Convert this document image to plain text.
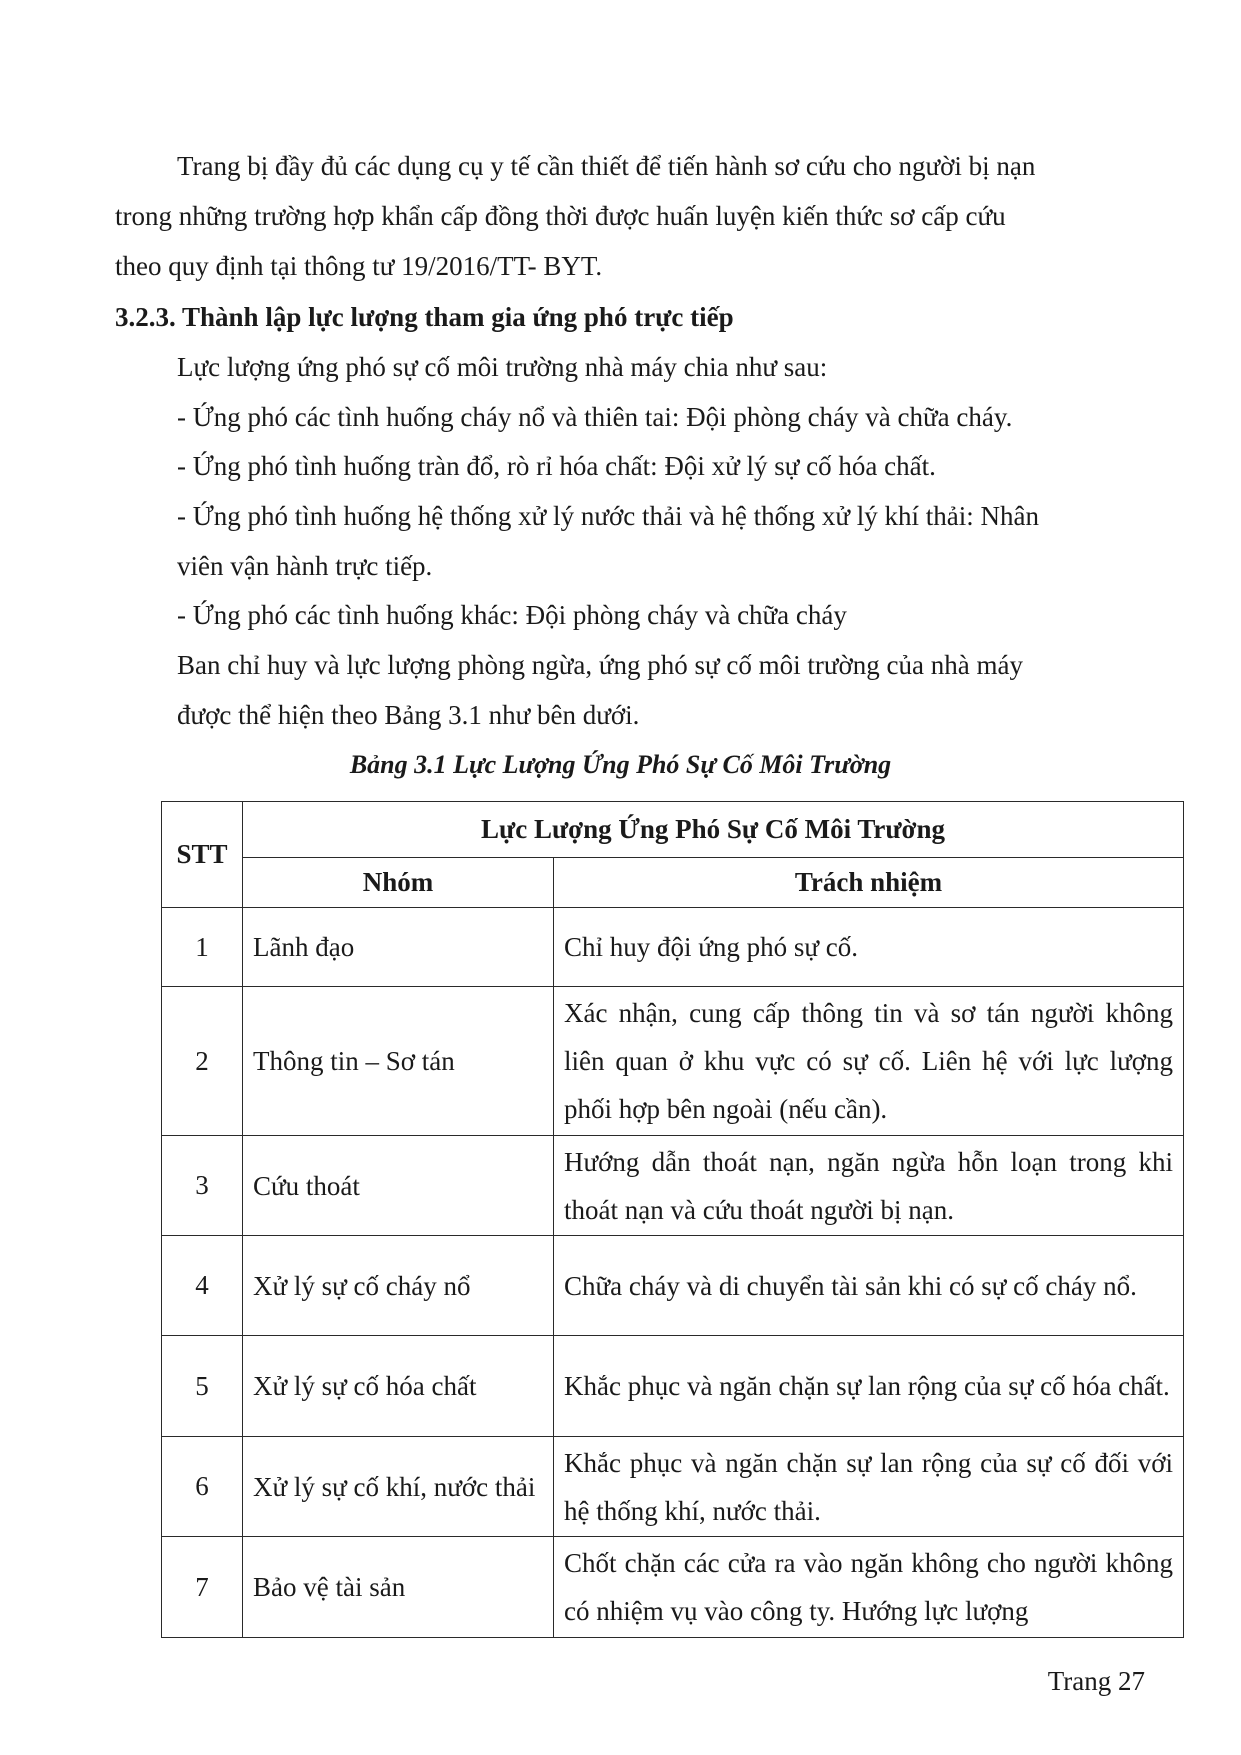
Trang bị đầy đủ các dụng cụ y tế cần thiết để tiến hành sơ cứu cho người bị nạn
trong những trường hợp khẩn cấp đồng thời được huấn luyện kiến thức sơ cấp cứu
theo quy định tại thông tư 19/2016/TT- BYT.
3.2.3. Thành lập lực lượng tham gia ứng phó trực tiếp
Lực lượng ứng phó sự cố môi trường nhà máy chia như sau:
- Ứng phó các tình huống cháy nổ và thiên tai: Đội phòng cháy và chữa cháy.
- Ứng phó tình huống tràn đổ, rò rỉ hóa chất: Đội xử lý sự cố hóa chất.
- Ứng phó tình huống hệ thống xử lý nước thải và hệ thống xử lý khí thải: Nhân
viên vận hành trực tiếp.
- Ứng phó các tình huống khác: Đội phòng cháy và chữa cháy
Ban chỉ huy và lực lượng phòng ngừa, ứng phó sự cố môi trường của nhà máy
được thể hiện theo Bảng 3.1 như bên dưới.
Bảng 3.1 Lực Lượng Ứng Phó Sự Cố Môi Trường
STT	Lực Lượng Ứng Phó Sự Cố Môi Trường	
	Nhóm	Trách nhiệm
1	Lãnh đạo	Chỉ huy đội ứng phó sự cố.
2	Thông tin – Sơ tán	Xác nhận, cung cấp thông tin và sơ tán người không liên quan ở khu vực có sự cố. Liên hệ với lực lượng phối hợp bên ngoài (nếu cần).
3	Cứu thoát	Hướng dẫn thoát nạn, ngăn ngừa hỗn loạn trong khi thoát nạn và cứu thoát người bị nạn.
4	Xử lý sự cố cháy nổ	Chữa cháy và di chuyển tài sản khi có sự cố cháy nổ.
5	Xử lý sự cố hóa chất	Khắc phục và ngăn chặn sự lan rộng của sự cố hóa chất.
6	Xử lý sự cố khí, nước thải	Khắc phục và ngăn chặn sự lan rộng của sự cố đối với hệ thống khí, nước thải.
7	Bảo vệ tài sản	Chốt chặn các cửa ra vào ngăn không cho người không có nhiệm vụ vào công ty. Hướng lực lượng
Trang 27
